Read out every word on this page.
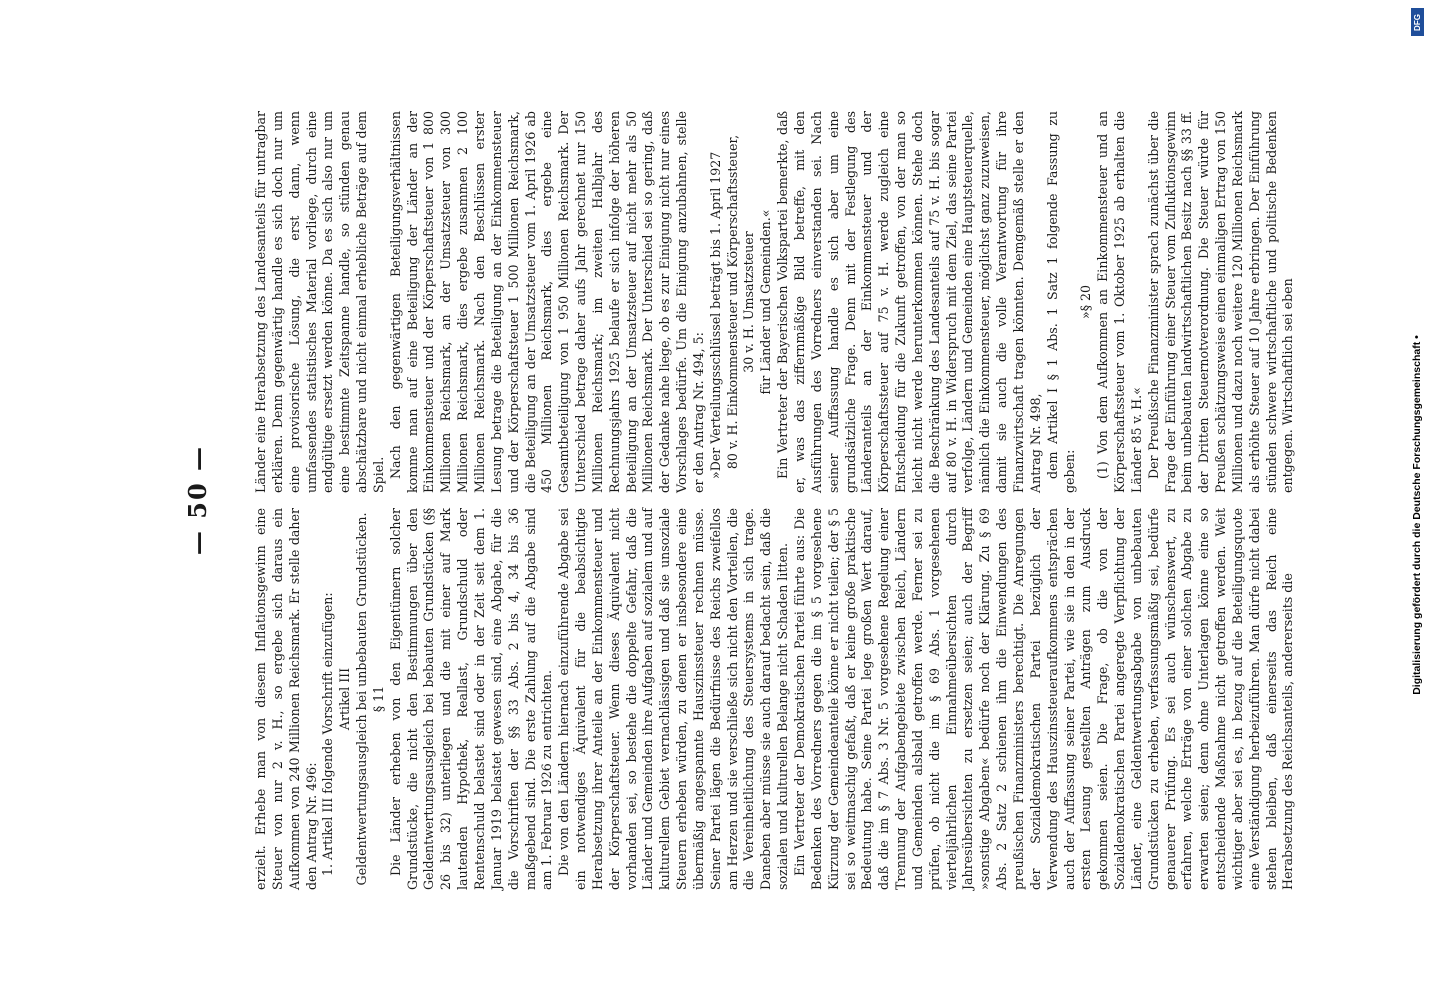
— 50 —

erzielt. Erhebe man von diesem Inflationsgewinn eine Steuer von nur 2 v. H., so ergebe sich daraus ein Aufkommen von 240 Millionen Reichsmark. Er stelle daher den Antrag Nr. 496: 1. Artikel III folgende Vorschrift einzufügen: Artikel III Geldentwertungsausgleich bei unbebauten Grundstücken. § 11 Die Länder erheben von den Eigentümern solcher Grundstücke, die nicht den Bestimmungen über den Geldentwertungsausgleich bei bebauten Grundstücken (§§ 26 bis 32) unterliegen und die mit einer auf Mark lautenden Hypothek, Reallast, Grundschuld oder Rentenschuld belastet sind oder in der Zeit seit dem 1. Januar 1919 belastet gewesen sind, eine Abgabe, für die die Vorschriften der §§ 33 Abs. 2 bis 4, 34 bis 36 maßgebend sind. Die erste Zahlung auf die Abgabe sind am 1. Februar 1926 zu entrichten. Die von den Ländern hiernach einzuführende Abgabe sei ein notwendiges Äquivalent für die beabsichtigte Herabsetzung ihrer Anteile an der Einkommensteuer und der Körperschaftsteuer. Wenn dieses Äquivalent nicht vorhanden sei, so bestehe die doppelte Gefahr, daß die Länder und Gemeinden ihre Aufgaben auf sozialem und auf kulturellem Gebiet vernachlässigen und daß sie unsoziale Steuern erheben würden, zu denen er insbesondere eine übermäßig angespannte Hauszinssteuer rechnen müsse. Seiner Partei lägen die Bedürfnisse des Reichs zweifellos am Herzen und sie verschließe sich nicht den Vorteilen, die die Vereinheitlichung des Steuersystems in sich trage. Daneben aber müsse sie auch darauf bedacht sein, daß die sozialen und kulturellen Belange nicht Schaden litten. Ein Vertreter der Demokratischen Partei führte aus: Die Bedenken des Vorredners gegen die im § 5 vorgesehene Kürzung der Gemeindeanteile könne er nicht teilen; der § 5 sei so weitmaschig gefaßt, daß er keine große praktische Bedeutung habe. Seine Partei lege großen Wert darauf, daß die im § 7 Abs. 3 Nr. 5 vorgesehene Regelung einer Trennung der Aufgabengebiete zwischen Reich, Ländern und Gemeinden alsbald getroffen werde. Ferner sei zu prüfen, ob nicht die im § 69 Abs. 1 vorgesehenen vierteljährlichen Einnahmeübersichten durch Jahresübersichten zu ersetzen seien; auch der Begriff »sonstige Abgaben« bedürfe noch der Klärung. Zu § 69 Abs. 2 Satz 2 schienen ihm die Einwendungen des preußischen Finanzministers berechtigt. Die Anregungen der Sozialdemokratischen Partei bezüglich der Verwendung des Hauszinssteueraufkommens entsprächen auch der Auffassung seiner Partei, wie sie in den in der ersten Lesung gestellten Anträgen zum Ausdruck gekommen seien. Die Frage, ob die von der Sozialdemokratischen Partei angeregte Verpflichtung der Länder, eine Geldentwertungsabgabe von unbebauten Grundstücken zu erheben, verfassungsmäßig sei, bedürfe genauerer Prüfung. Es sei auch wünschenswert, zu erfahren, welche Erträge von einer solchen Abgabe zu erwarten seien; denn ohne Unterlagen könne eine so entscheidende Maßnahme nicht getroffen werden. Weit wichtiger aber sei es, in bezug auf die Beteiligungsquote eine Verständigung herbeizuführen. Man dürfe nicht dabei stehen bleiben, daß einerseits das Reich eine Herabsetzung des Reichsanteils, andererseits die

Länder eine Herabsetzung des Landesanteils für untragbar erklären. Denn gegenwärtig handle es sich doch nur um eine provisorische Lösung, die erst dann, wenn umfassendes statistisches Material vorliege, durch eine endgültige ersetzt werden könne. Da es sich also nur um eine bestimmte Zeitspanne handle, so stünden genau abschätzbare und nicht einmal erhebliche Beträge auf dem Spiel. Nach den gegenwärtigen Beteiligungsverhältnissen komme man auf eine Beteiligung der Länder an der Einkommensteuer und der Körperschaftsteuer von 1 800 Millionen Reichsmark, an der Umsatzsteuer von 300 Millionen Reichsmark, dies ergebe zusammen 2 100 Millionen Reichsmark. Nach den Beschlüssen erster Lesung betrage die Beteiligung an der Einkommensteuer und der Körperschaftsteuer 1 500 Millionen Reichsmark, die Beteiligung an der Umsatzsteuer vom 1. April 1926 ab 450 Millionen Reichsmark, dies ergebe eine Gesamtbeteiligung von 1 950 Millionen Reichsmark. Der Unterschied betrage daher aufs Jahr gerechnet nur 150 Millionen Reichsmark; im zweiten Halbjahr des Rechnungsjahrs 1925 belaufe er sich infolge der höheren Beteiligung an der Umsatzsteuer auf nicht mehr als 50 Millionen Reichsmark. Der Unterschied sei so gering, daß der Gedanke nahe liege, ob es zur Einigung nicht nur eines Vorschlages bedürfe. Um die Einigung anzubahnen, stelle er den Antrag Nr. 494, 5: »Der Verteilungsschlüssel beträgt bis 1. April 1927 80 v. H. Einkommensteuer und Körperschaftssteuer, 30 v. H. Umsatzsteuer für Länder und Gemeinden.« Ein Vertreter der Bayerischen Volkspartei bemerkte, daß er, was das ziffernmäßige Bild betreffe, mit den Ausführungen des Vorredners einverstanden sei. Nach seiner Auffassung handle es sich aber um eine grundsätzliche Frage. Denn mit der Festlegung des Länderanteils an der Einkommensteuer und der Körperschaftssteuer auf 75 v. H. werde zugleich eine Entscheidung für die Zukunft getroffen, von der man so leicht nicht werde herunterkommen können. Stehe doch die Beschränkung des Landesanteils auf 75 v. H. bis sogar auf 80 v. H. in Widerspruch mit dem Ziel, das seine Partei verfolge, Ländern und Gemeinden eine Hauptsteuerquelle, nämlich die Einkommensteuer, möglichst ganz zuzuweisen, damit sie auch die volle Verantwortung für ihre Finanzwirtschaft tragen könnten. Demgemäß stelle er den Antrag Nr. 498, dem Artikel I § 1 Abs. 1 Satz 1 folgende Fassung zu geben:

»§ 20 (1) Von dem Aufkommen an Einkommensteuer und an Körperschaftssteuer vom 1. Oktober 1925 ab erhalten die Länder 85 v. H.« Der Preußische Finanzminister sprach zunächst über die Frage der Einführung einer Steuer vom Zufluktionsgewinn beim unbebauten landwirtschaftlichen Besitz nach §§ 33 ff. der Dritten Steuernotverordnung. Die Steuer würde für Preußen schätzungsweise einen einmaligen Ertrag von 150 Millionen und dazu noch weitere 120 Millionen Reichsmark als erhöhte Steuer auf 10 Jahre erbringen. Der Einführung stünden schwere wirtschaftliche und politische Bedenken entgegen. Wirtschaftlich sei eben

DFG
Digitalisierung gefördert durch die Deutsche Forschungsgemeinschaft •
